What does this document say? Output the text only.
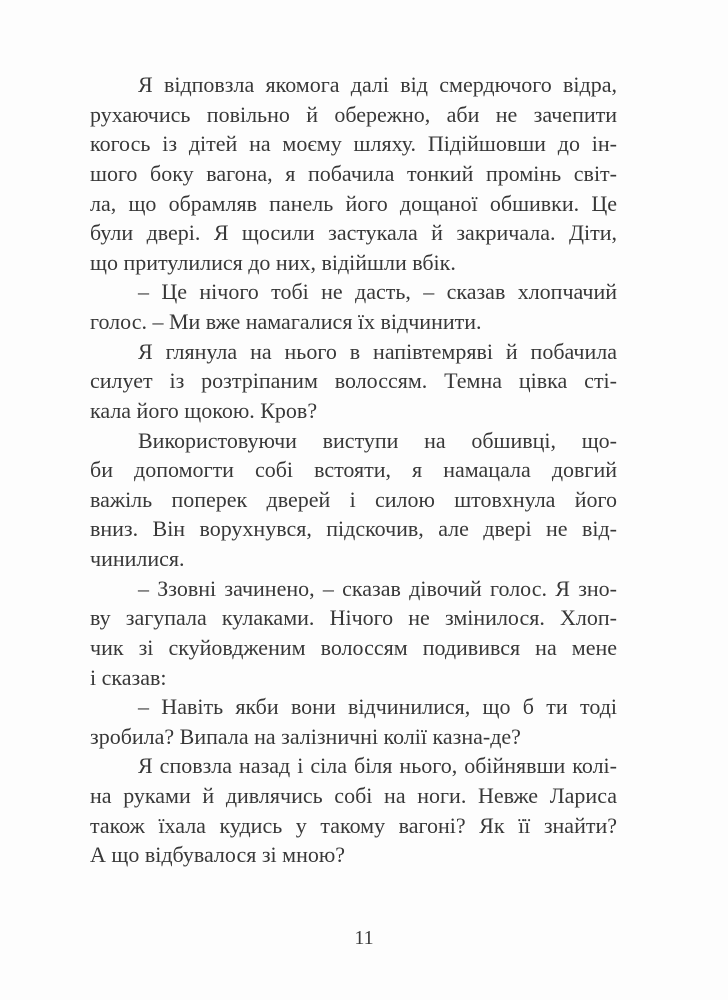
Я відповзла якомога далі від смердючого відра,
рухаючись повільно й обережно, аби не зачепити
когось із дітей на моєму шляху. Підійшовши до ін-
шого боку вагона, я побачила тонкий промінь світ-
ла, що обрамляв панель його дощаної обшивки. Це
були двері. Я щосили застукала й закричала. Діти,
що притулилися до них, відійшли вбік.
– Це нічого тобі не дасть, – сказав хлопчачий
голос. – Ми вже намагалися їх відчинити.
Я глянула на нього в напівтемряві й побачила
силует із розтріпаним волоссям. Темна цівка сті-
кала його щокою. Кров?
Використовуючи виступи на обшивці, що-
би допомогти собі встояти, я намацала довгий
важіль поперек дверей і силою штовхнула його
вниз. Він ворухнувся, підскочив, але двері не від-
чинилися.
– Ззовні зачинено, – сказав дівочий голос. Я зно-
ву загупала кулаками. Нічого не змінилося. Хлоп-
чик зі скуйовдженим волоссям подивився на мене
і сказав:
– Навіть якби вони відчинилися, що б ти тоді
зробила? Випала на залізничні колії казна-де?
Я сповзла назад і сіла біля нього, обійнявши колі-
на руками й дивлячись собі на ноги. Невже Лариса
також їхала кудись у такому вагоні? Як її знайти?
А що відбувалося зі мною?
11
